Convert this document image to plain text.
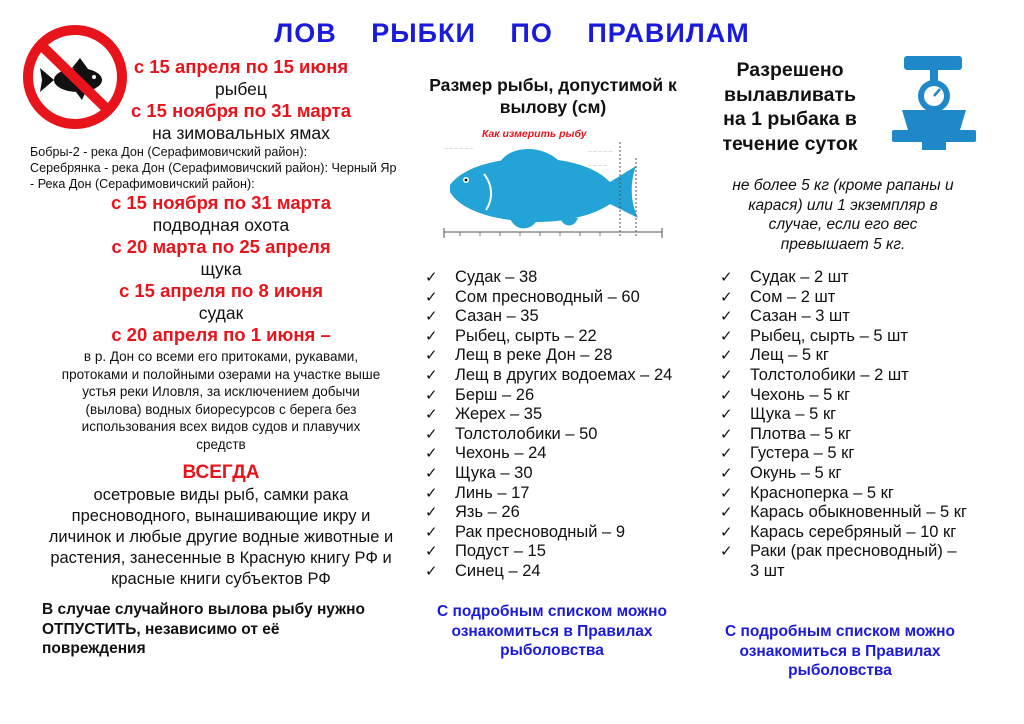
ЛОВ РЫБКИ ПО ПРАВИЛАМ
с 15 апреля по 15 июня
рыбец
с 15 ноября по 31 марта
на зимовальных ямах
Бобры-2 - река Дон (Серафимовичский район):
Серебрянка - река Дон (Серафимовичский район): Черный Яр
- Река Дон (Серафимовичский район):
с 15 ноября по 31 марта
подводная охота
с 20 марта по 25 апреля
щука
с 15 апреля по 8 июня
судак
с 20 апреля по 1 июня –
в р. Дон со всеми его притоками, рукавами,
протоками и полойными озерами на участке выше
устья реки Иловля, за исключением добычи
(вылова) водных биоресурсов с берега без
использования всех видов судов и плавучих
средств
ВСЕГДА
осетровые виды рыб, самки рака
пресноводного, вынашивающие икру и
личинок и любые другие водные животные и
растения, занесенные в Красную книгу РФ и
красные книги субъектов РФ
В случае случайного вылова рыбу нужно
ОТПУСТИТЬ, независимо от её
повреждения
Размер рыбы, допустимой к
вылову (см)
Как измерить рыбу
— — — — — —
— — — — —
— — — —
✓ Судак – 38
✓ Сом пресноводный – 60
✓ Сазан – 35
✓ Рыбец, сырть – 22
✓ Лещ в реке Дон – 28
✓ Лещ в других водоемах – 24
✓ Берш – 26
✓ Жерех – 35
✓ Толстолобики – 50
✓ Чехонь – 24
✓ Щука – 30
✓ Линь – 17
✓ Язь – 26
✓ Рак пресноводный – 9
✓ Подуст – 15
✓ Синец – 24
С подробным списком можно
ознакомиться в Правилах
рыболовства
Разрешено
вылавливать
на 1 рыбака в
течение суток
не более 5 кг (кроме рапаны и
карася) или 1 экземпляр в
случае, если его вес
превышает 5 кг.
✓ Судак – 2 шт
✓ Сом – 2 шт
✓ Сазан – 3 шт
✓ Рыбец, сырть – 5 шт
✓ Лещ – 5 кг
✓ Толстолобики – 2 шт
✓ Чехонь – 5 кг
✓ Щука – 5 кг
✓ Плотва – 5 кг
✓ Густера – 5 кг
✓ Окунь – 5 кг
✓ Красноперка – 5 кг
✓ Карась обыкновенный – 5 кг
✓ Карась серебряный – 10 кг
✓ Раки (рак пресноводный) – 3 шт
С подробным списком можно
ознакомиться в Правилах
рыболовства
